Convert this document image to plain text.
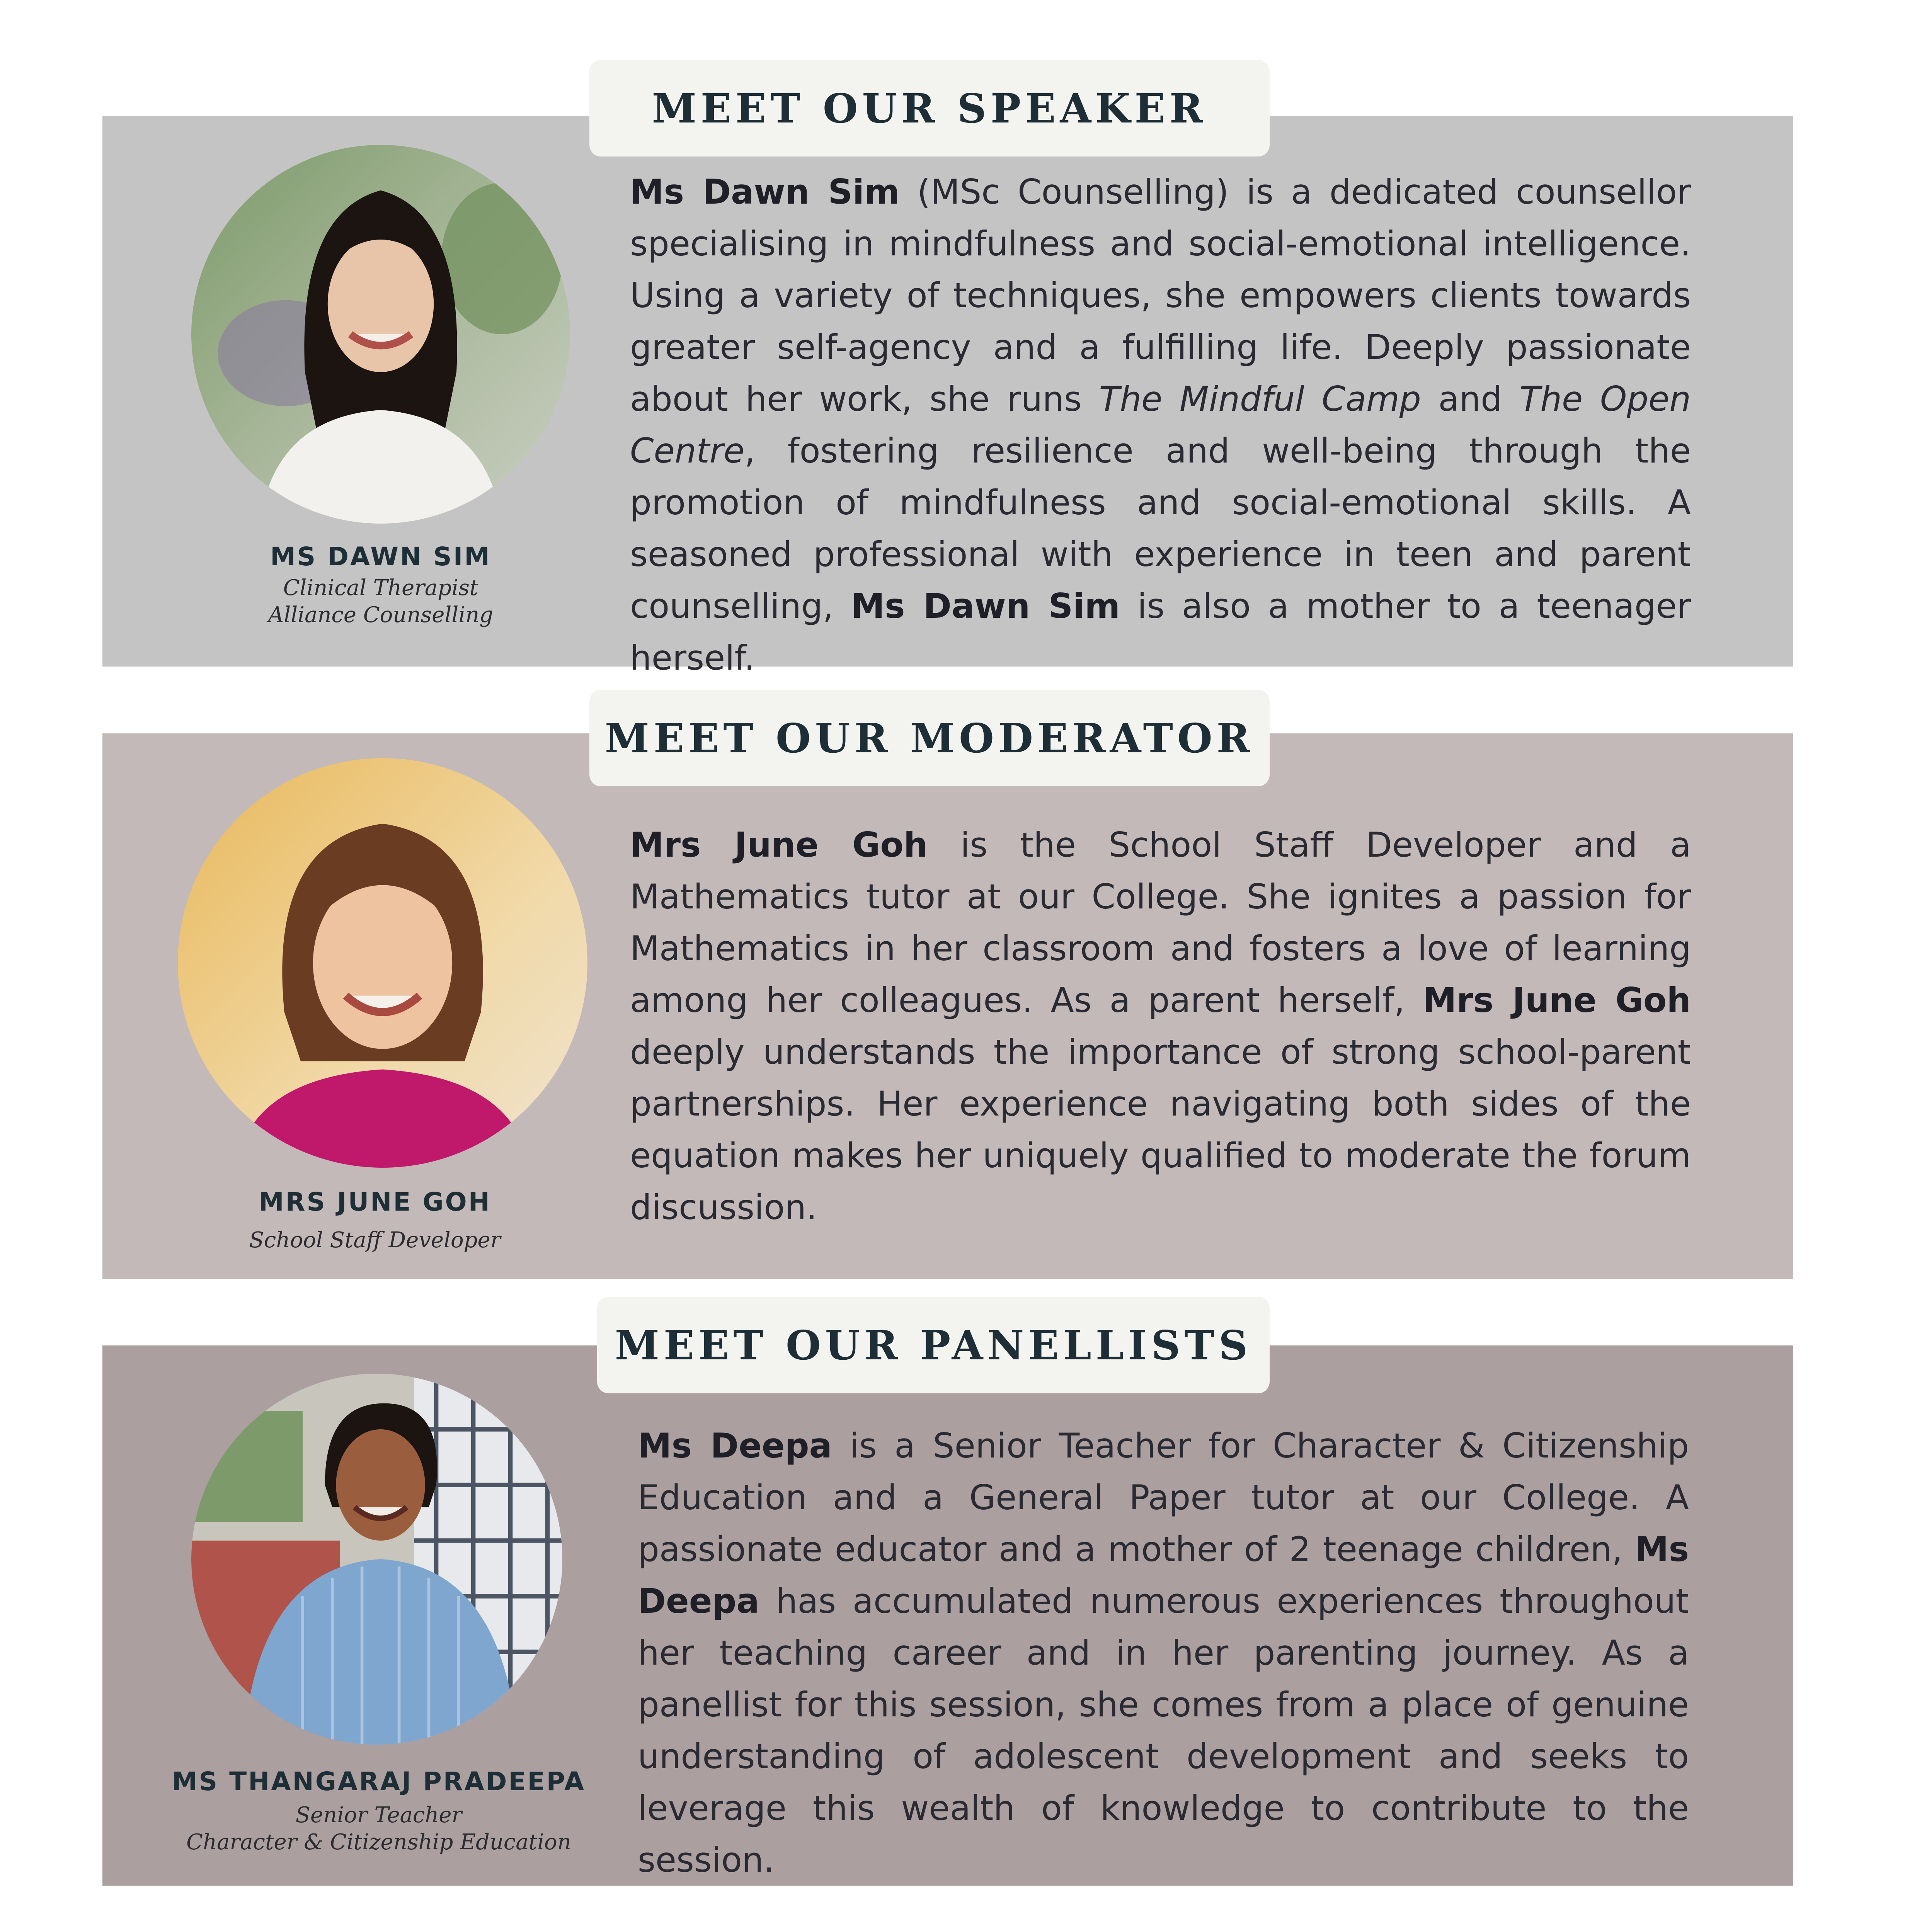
MEET OUR SPEAKER
MS DAWN SIM
Clinical Therapist
Alliance Counselling
Ms Dawn Sim (MSc Counselling) is a dedicated counsellor specialising in mindfulness and social-emotional intelligence. Using a variety of techniques, she empowers clients towards greater self-agency and a fulfilling life. Deeply passionate about her work, she runs The Mindful Camp and The Open Centre, fostering resilience and well-being through the promotion of mindfulness and social-emotional skills. A seasoned professional with experience in teen and parent counselling, Ms Dawn Sim is also a mother to a teenager herself.
MEET OUR MODERATOR
MRS JUNE GOH
School Staff Developer
Mrs June Goh is the School Staff Developer and a Mathematics tutor at our College. She ignites a passion for Mathematics in her classroom and fosters a love of learning among her colleagues. As a parent herself, Mrs June Goh deeply understands the importance of strong school-parent partnerships. Her experience navigating both sides of the equation makes her uniquely qualified to moderate the forum discussion.
MEET OUR PANELLISTS
MS THANGARAJ PRADEEPA
Senior Teacher
Character & Citizenship Education
Ms Deepa is a Senior Teacher for Character & Citizenship Education and a General Paper tutor at our College. A passionate educator and a mother of 2 teenage children, Ms Deepa has accumulated numerous experiences throughout her teaching career and in her parenting journey. As a panellist for this session, she comes from a place of genuine understanding of adolescent development and seeks to leverage this wealth of knowledge to contribute to the session.
